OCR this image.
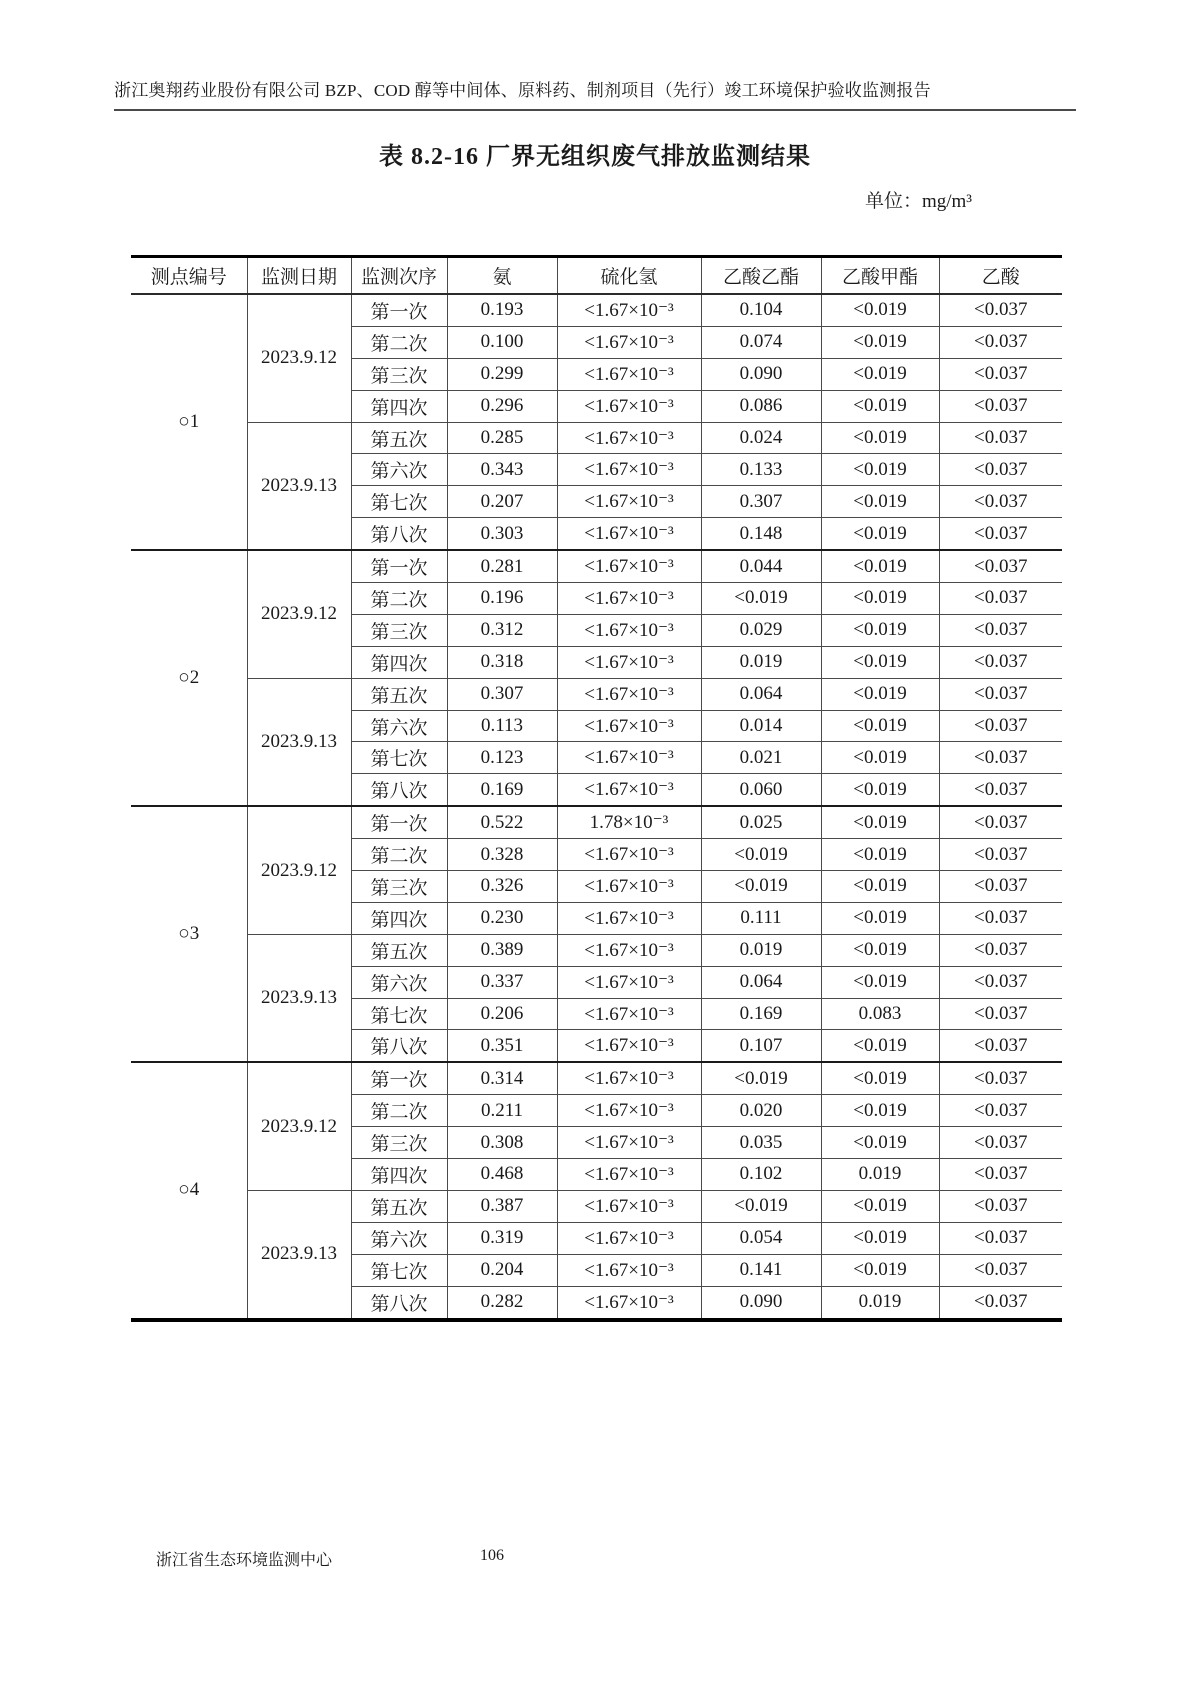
浙江奥翔药业股份有限公司 BZP、COD 醇等中间体、原料药、制剂项目（先行）竣工环境保护验收监测报告
表 8.2-16 厂界无组织废气排放监测结果
单位：mg/m³
测点编号	监测日期	监测次序	氨	硫化氢	乙酸乙酯	乙酸甲酯	乙酸
○1	2023.9.12	第一次	0.193	<1.67×10⁻³	0.104	<0.019	<0.037
		第二次	0.100	<1.67×10⁻³	0.074	<0.019	<0.037
		第三次	0.299	<1.67×10⁻³	0.090	<0.019	<0.037
		第四次	0.296	<1.67×10⁻³	0.086	<0.019	<0.037
	2023.9.13	第五次	0.285	<1.67×10⁻³	0.024	<0.019	<0.037
		第六次	0.343	<1.67×10⁻³	0.133	<0.019	<0.037
		第七次	0.207	<1.67×10⁻³	0.307	<0.019	<0.037
		第八次	0.303	<1.67×10⁻³	0.148	<0.019	<0.037
○2	2023.9.12	第一次	0.281	<1.67×10⁻³	0.044	<0.019	<0.037
		第二次	0.196	<1.67×10⁻³	<0.019	<0.019	<0.037
		第三次	0.312	<1.67×10⁻³	0.029	<0.019	<0.037
		第四次	0.318	<1.67×10⁻³	0.019	<0.019	<0.037
	2023.9.13	第五次	0.307	<1.67×10⁻³	0.064	<0.019	<0.037
		第六次	0.113	<1.67×10⁻³	0.014	<0.019	<0.037
		第七次	0.123	<1.67×10⁻³	0.021	<0.019	<0.037
		第八次	0.169	<1.67×10⁻³	0.060	<0.019	<0.037
○3	2023.9.12	第一次	0.522	1.78×10⁻³	0.025	<0.019	<0.037
		第二次	0.328	<1.67×10⁻³	<0.019	<0.019	<0.037
		第三次	0.326	<1.67×10⁻³	<0.019	<0.019	<0.037
		第四次	0.230	<1.67×10⁻³	0.111	<0.019	<0.037
	2023.9.13	第五次	0.389	<1.67×10⁻³	0.019	<0.019	<0.037
		第六次	0.337	<1.67×10⁻³	0.064	<0.019	<0.037
		第七次	0.206	<1.67×10⁻³	0.169	0.083	<0.037
		第八次	0.351	<1.67×10⁻³	0.107	<0.019	<0.037
○4	2023.9.12	第一次	0.314	<1.67×10⁻³	<0.019	<0.019	<0.037
		第二次	0.211	<1.67×10⁻³	0.020	<0.019	<0.037
		第三次	0.308	<1.67×10⁻³	0.035	<0.019	<0.037
		第四次	0.468	<1.67×10⁻³	0.102	0.019	<0.037
	2023.9.13	第五次	0.387	<1.67×10⁻³	<0.019	<0.019	<0.037
		第六次	0.319	<1.67×10⁻³	0.054	<0.019	<0.037
		第七次	0.204	<1.67×10⁻³	0.141	<0.019	<0.037
		第八次	0.282	<1.67×10⁻³	0.090	0.019	<0.037
浙江省生态环境监测中心	106
